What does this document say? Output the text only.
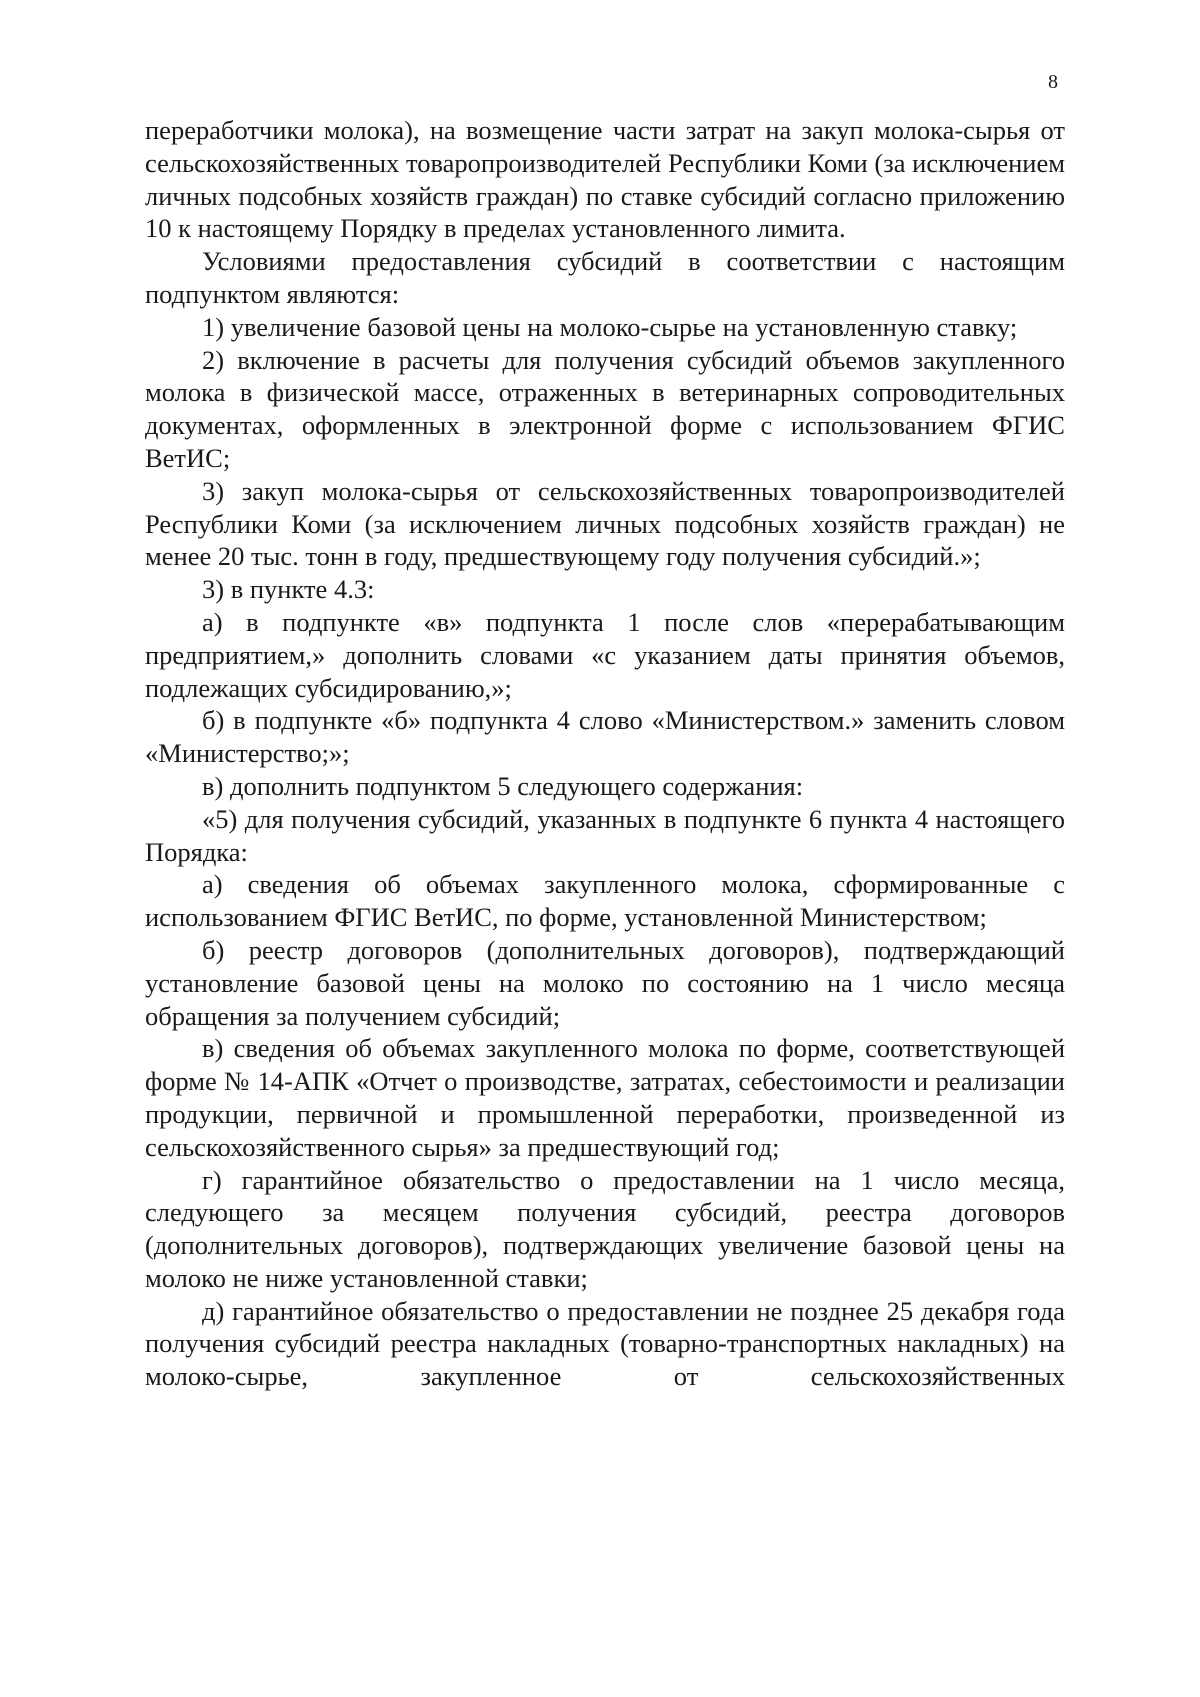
8

переработчики молока), на возмещение части затрат на закуп молока-сырья от сельскохозяйственных товаропроизводителей Республики Коми (за исключением личных подсобных хозяйств граждан) по ставке субсидий согласно приложению 10 к настоящему Порядку в пределах установленного лимита.

Условиями предоставления субсидий в соответствии с настоящим подпунктом являются:

1) увеличение базовой цены на молоко-сырье на установленную ставку;

2) включение в расчеты для получения субсидий объемов закупленного молока в физической массе, отраженных в ветеринарных сопроводительных документах, оформленных в электронной форме с использованием ФГИС ВетИС;

3) закуп молока-сырья от сельскохозяйственных товаропроизводителей Республики Коми (за исключением личных подсобных хозяйств граждан) не менее 20 тыс. тонн в году, предшествующему году получения субсидий.»;

3) в пункте 4.3:

а) в подпункте «в» подпункта 1 после слов «перерабатывающим предприятием,» дополнить словами «с указанием даты принятия объемов, подлежащих субсидированию,»;

б) в подпункте «б» подпункта 4 слово «Министерством.» заменить словом «Министерство;»;

в) дополнить подпунктом 5 следующего содержания:

«5) для получения субсидий, указанных в подпункте 6 пункта 4 настоящего Порядка:

а) сведения об объемах закупленного молока, сформированные с использованием ФГИС ВетИС, по форме, установленной Министерством;

б) реестр договоров (дополнительных договоров), подтверждающий установление базовой цены на молоко по состоянию на 1 число месяца обращения за получением субсидий;

в) сведения об объемах закупленного молока по форме, соответствующей форме № 14-АПК «Отчет о производстве, затратах, себестоимости и реализации продукции, первичной и промышленной переработки, произведенной из сельскохозяйственного сырья» за предшествующий год;

г) гарантийное обязательство о предоставлении на 1 число месяца, следующего за месяцем получения субсидий, реестра договоров (дополнительных договоров), подтверждающих увеличение базовой цены на молоко не ниже установленной ставки;

д) гарантийное обязательство о предоставлении не позднее 25 декабря года получения субсидий реестра накладных (товарно-транспортных накладных) на молоко-сырье, закупленное от сельскохозяйственных
